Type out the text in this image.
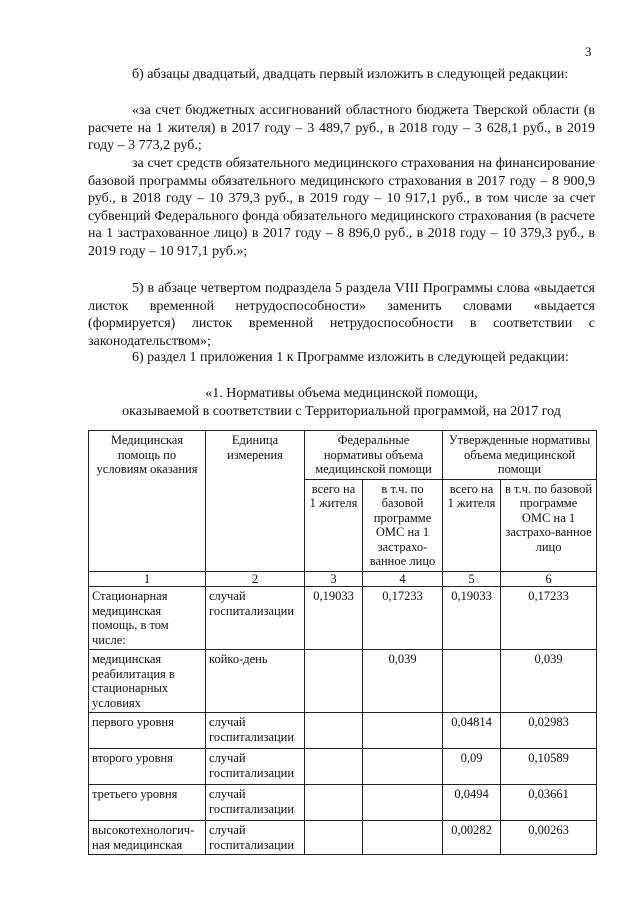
3

б) абзацы двадцатый, двадцать первый изложить в следующей редакции:

«за счет бюджетных ассигнований областного бюджета Тверской области (в расчете на 1 жителя) в 2017 году – 3 489,7 руб., в 2018 году – 3 628,1 руб., в 2019 году – 3 773,2 руб.;

за счет средств обязательного медицинского страхования на финансирование базовой программы обязательного медицинского страхования в 2017 году – 8 900,9 руб., в 2018 году – 10 379,3 руб., в 2019 году – 10 917,1 руб., в том числе за счет субвенций Федерального фонда обязательного медицинского страхования (в расчете на 1 застрахованное лицо) в 2017 году – 8 896,0 руб., в 2018 году – 10 379,3 руб., в 2019 году – 10 917,1 руб.»;

5) в абзаце четвертом подраздела 5 раздела VIII Программы слова «выдается листок временной нетрудоспособности» заменить словами «выдается (формируется) листок временной нетрудоспособности в соответствии с законодательством»;

6) раздел 1 приложения 1 к Программе изложить в следующей редакции:

«1. Нормативы объема медицинской помощи,

оказываемой в соответствии с Территориальной программой, на 2017 год

Медицинская помощь по условиям оказания	Единица измерения	Федеральные нормативы объема медицинской помощи		Утвержденные нормативы объема медицинской помощи	
		всего на 1 жителя	в т.ч. по базовой программе ОМС на 1 застрахо-ванное лицо	всего на 1 жителя	в т.ч. по базовой программе ОМС на 1 застрахо-ванное лицо
1	2	3	4	5	6
Стационарная медицинская помощь, в том числе:	случай госпитализации	0,19033	0,17233	0,19033	0,17233
медицинская реабилитация в стационарных условиях	койко-день		0,039		0,039
первого уровня	случай госпитализации			0,04814	0,02983
второго уровня	случай госпитализации			0,09	0,10589
третьего уровня	случай госпитализации			0,0494	0,03661
высокотехнологич-ная медицинская	случай госпитализации			0,00282	0,00263
